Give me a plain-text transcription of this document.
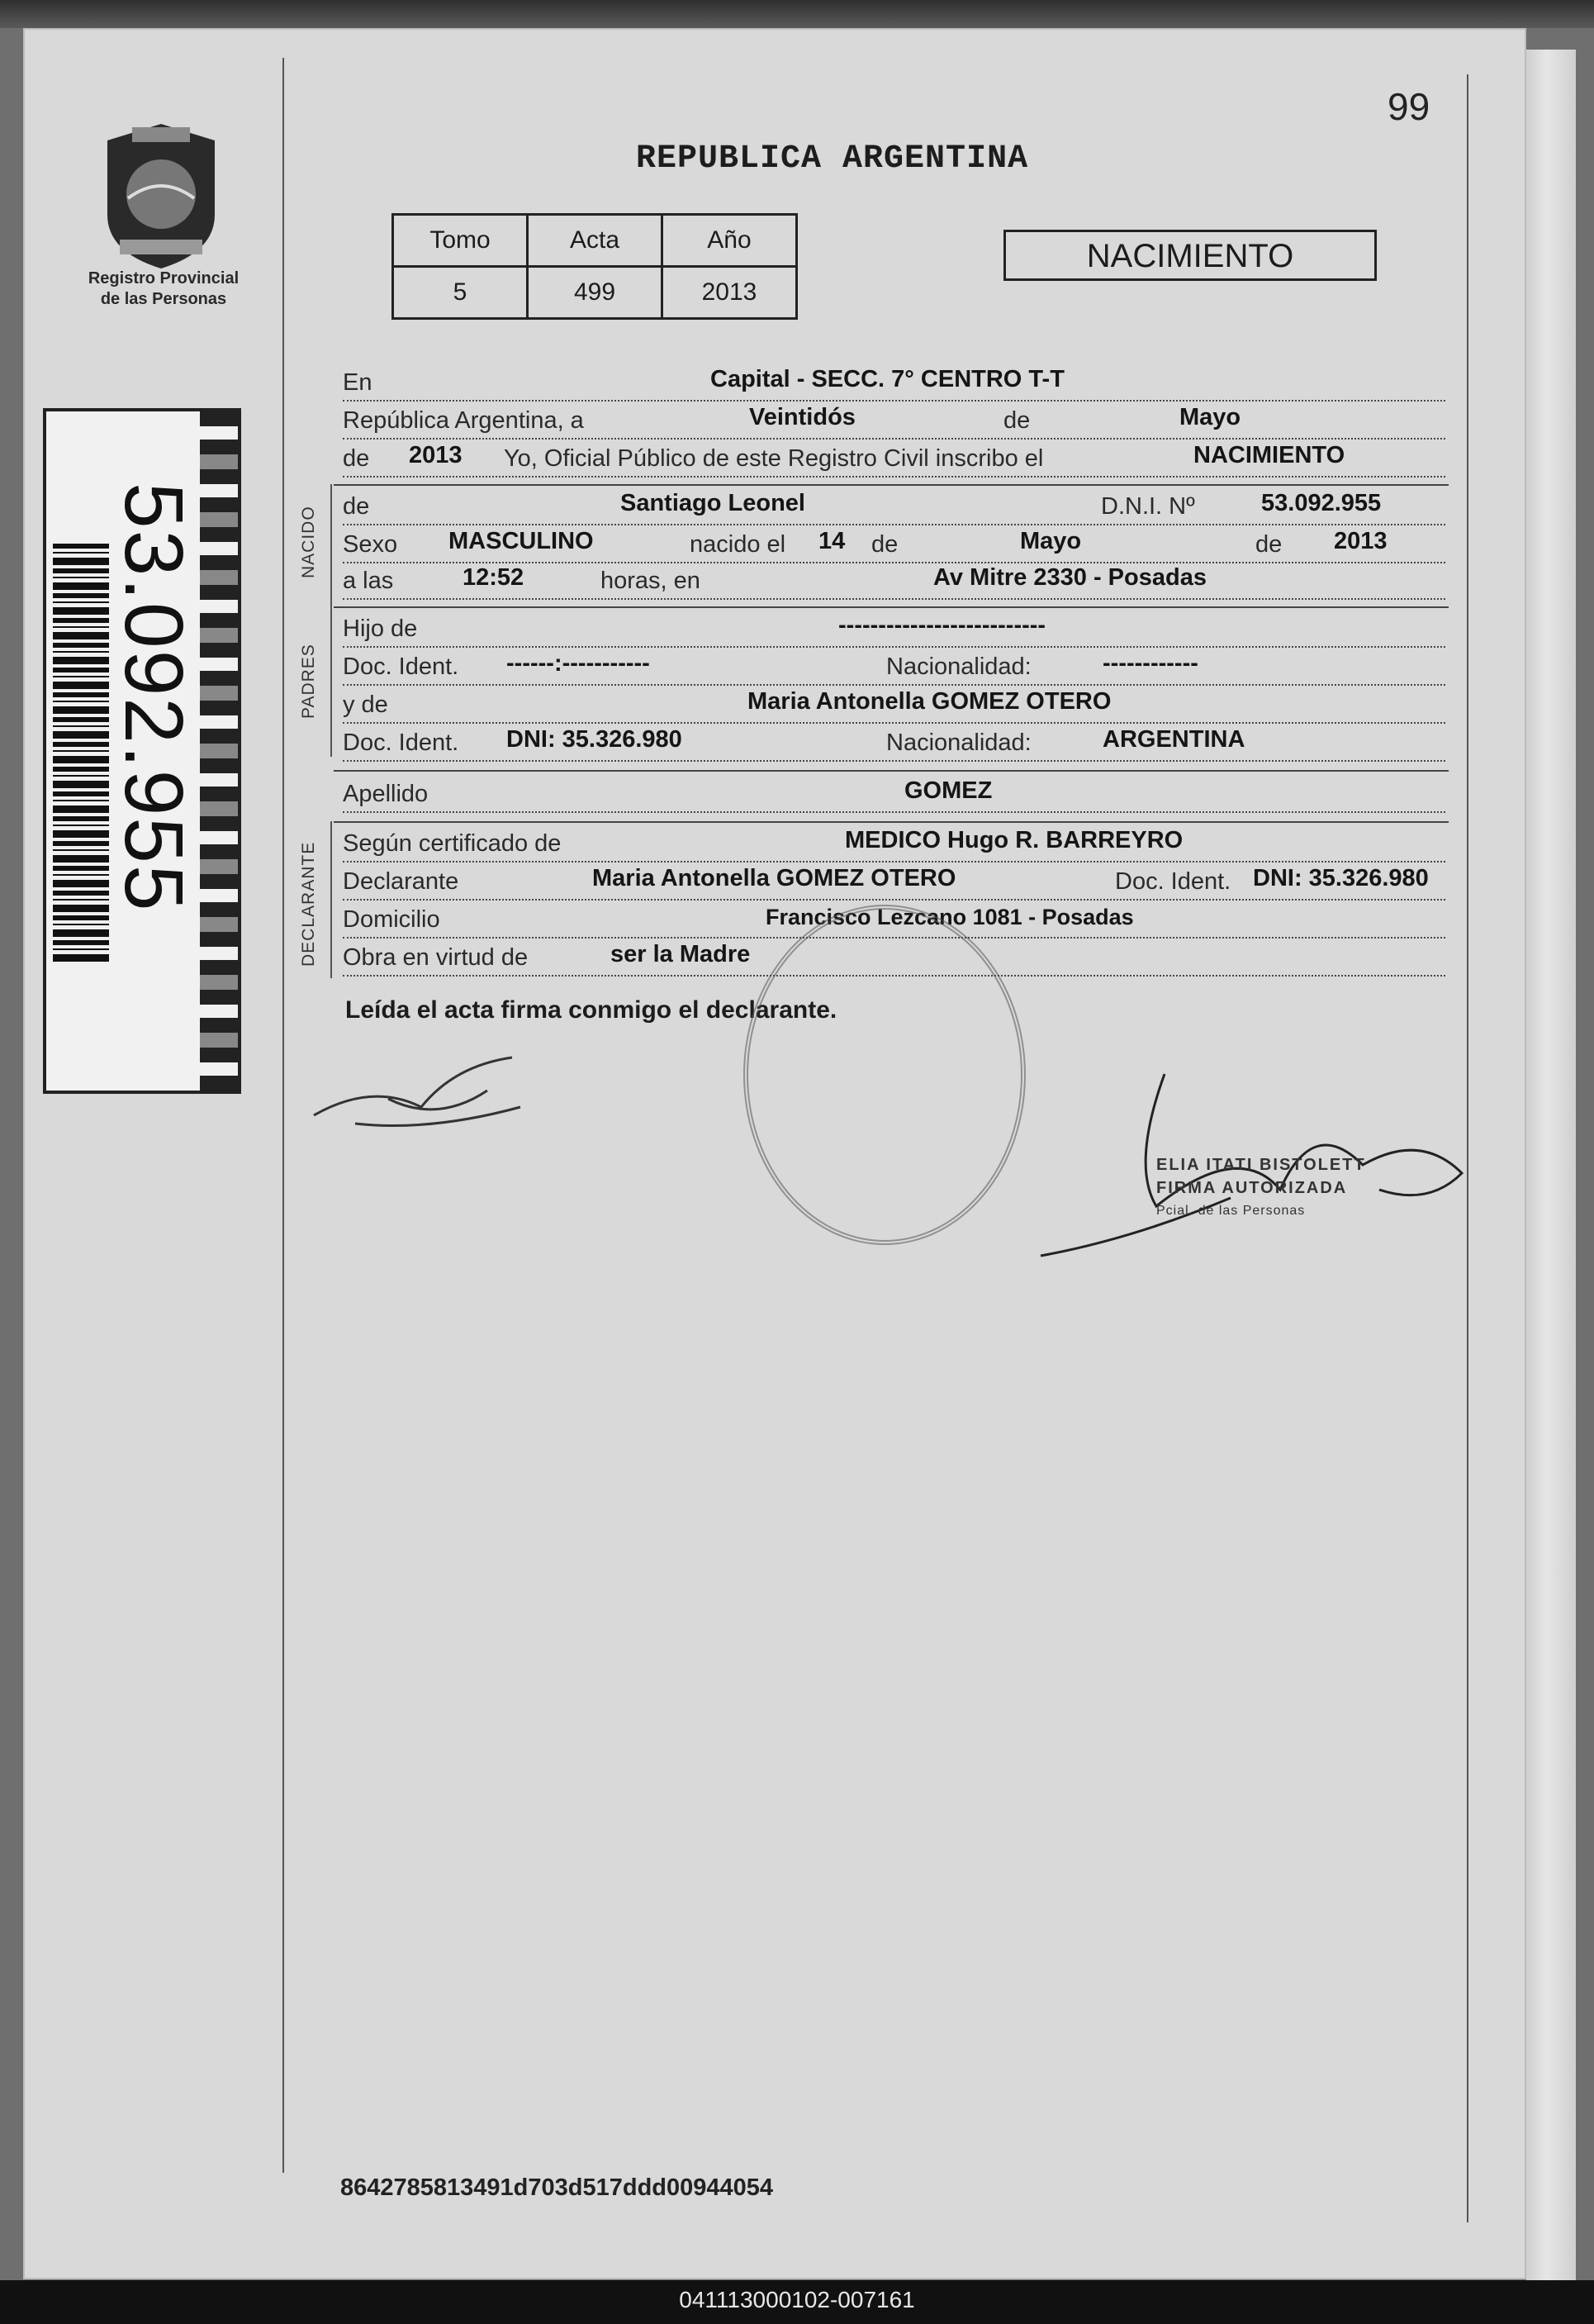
Registro Provincial
de las Personas
53.092.955
99
REPUBLICA ARGENTINA
Tomo	Acta	Año
5	499	2013
NACIMIENTO
En	Capital - SECC. 7° CENTRO T-T
República Argentina, a	Veintidós	de	Mayo
de 2013 Yo, Oficial Público de este Registro Civil inscribo el	NACIMIENTO
NACIDO de	Santiago Leonel	D.N.I. Nº	53.092.955
Sexo MASCULINO	nacido el 14 de	Mayo	de 2013
a las	12:52	horas, en	Av Mitre 2330 - Posadas
PADRES
Hijo de	--------------------------
Doc. Ident. ------:-----------	Nacionalidad:	------------
y de	Maria Antonella GOMEZ OTERO
Doc. Ident. DNI: 35.326.980	Nacionalidad:	ARGENTINA
Apellido	GOMEZ
DECLARANTE Según certificado de	MEDICO Hugo R. BARREYRO
Declarante	Maria Antonella GOMEZ OTERO	Doc. Ident. DNI: 35.326.980
Domicilio	Francisco Lezcano 1081 - Posadas
Obra en virtud de	ser la Madre
Leída el acta firma conmigo el declarante.
ELIA ITATI BISTOLETT
FIRMA AUTORIZADA
Pcial. de las Personas
8642785813491d703d517ddd00944054
041113000102-007161
